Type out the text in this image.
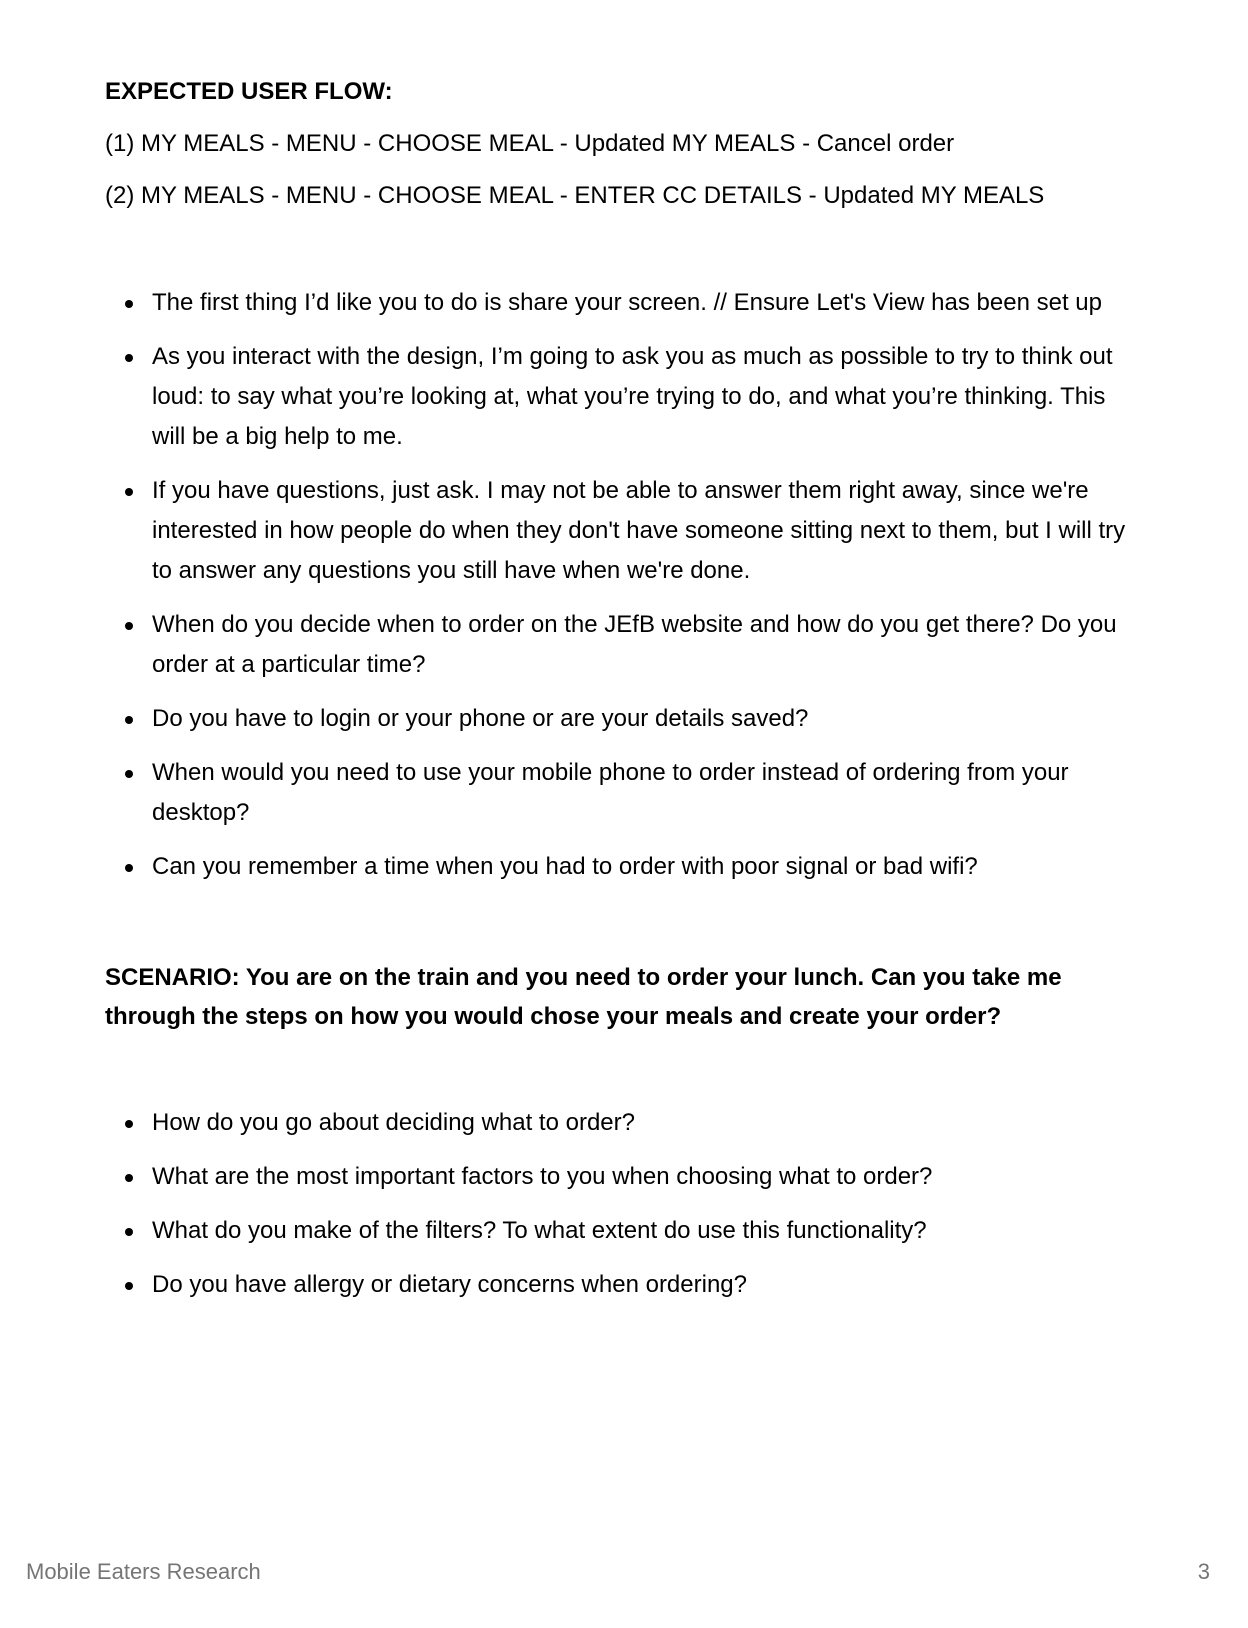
EXPECTED USER FLOW:

(1) MY MEALS - MENU - CHOOSE MEAL - Updated MY MEALS - Cancel order

(2) MY MEALS - MENU - CHOOSE MEAL - ENTER CC DETAILS - Updated MY MEALS

The first thing I’d like you to do is share your screen. // Ensure Let's View has been set up
As you interact with the design, I’m going to ask you as much as possible to try to think out loud: to say what you’re looking at, what you’re trying to do, and what you’re thinking. This will be a big help to me.
If you have questions, just ask. I may not be able to answer them right away, since we're interested in how people do when they don't have someone sitting next to them, but I will try to answer any questions you still have when we're done.
When do you decide when to order on the JEfB website and how do you get there? Do you order at a particular time?
Do you have to login or your phone or are your details saved?
When would you need to use your mobile phone to order instead of ordering from your desktop?
Can you remember a time when you had to order with poor signal or bad wifi?

SCENARIO: You are on the train and you need to order your lunch. Can you take me through the steps on how you would chose your meals and create your order?

How do you go about deciding what to order?
What are the most important factors to you when choosing what to order?
What do you make of the filters? To what extent do use this functionality?
Do you have allergy or dietary concerns when ordering?
Mobile Eaters Research	3
